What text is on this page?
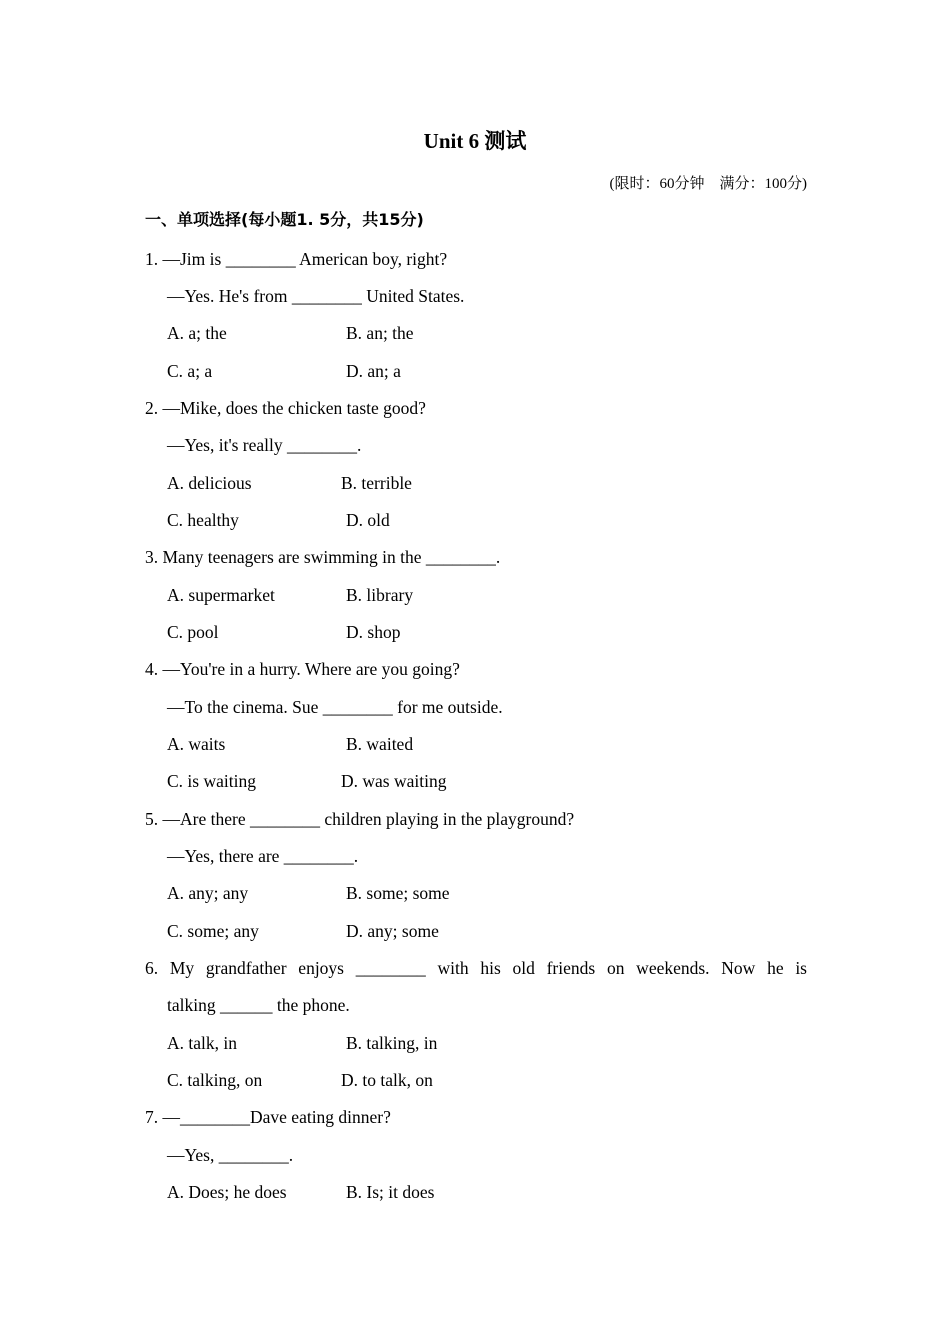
Unit 6 测试
(限时：60分钟　满分：100分)
一、单项选择(每小题1. 5分，共15分)
1. —Jim is ________ American boy, right?
—Yes. He's from ________ United States.
A. a; the	B. an; the
C. a; a	D. an; a
2. —Mike, does the chicken taste good?
—Yes, it's really ________.
A. delicious	B. terrible
C. healthy	D. old
3. Many teenagers are swimming in the ________.
A. supermarket	B. library
C. pool	D. shop
4. —You're in a hurry. Where are you going?
—To the cinema. Sue ________ for me outside.
A. waits	B. waited
C. is waiting	D. was waiting
5. —Are there ________ children playing in the playground?
—Yes, there are ________.
A. any; any	B. some; some
C. some; any	D. any; some
6. My grandfather enjoys ________ with his old friends on weekends. Now he is
talking ______ the phone.
A. talk, in	B. talking, in
C. talking, on	D. to talk, on
7. —________Dave eating dinner?
—Yes, ________.
A. Does; he does	B. Is; it does
